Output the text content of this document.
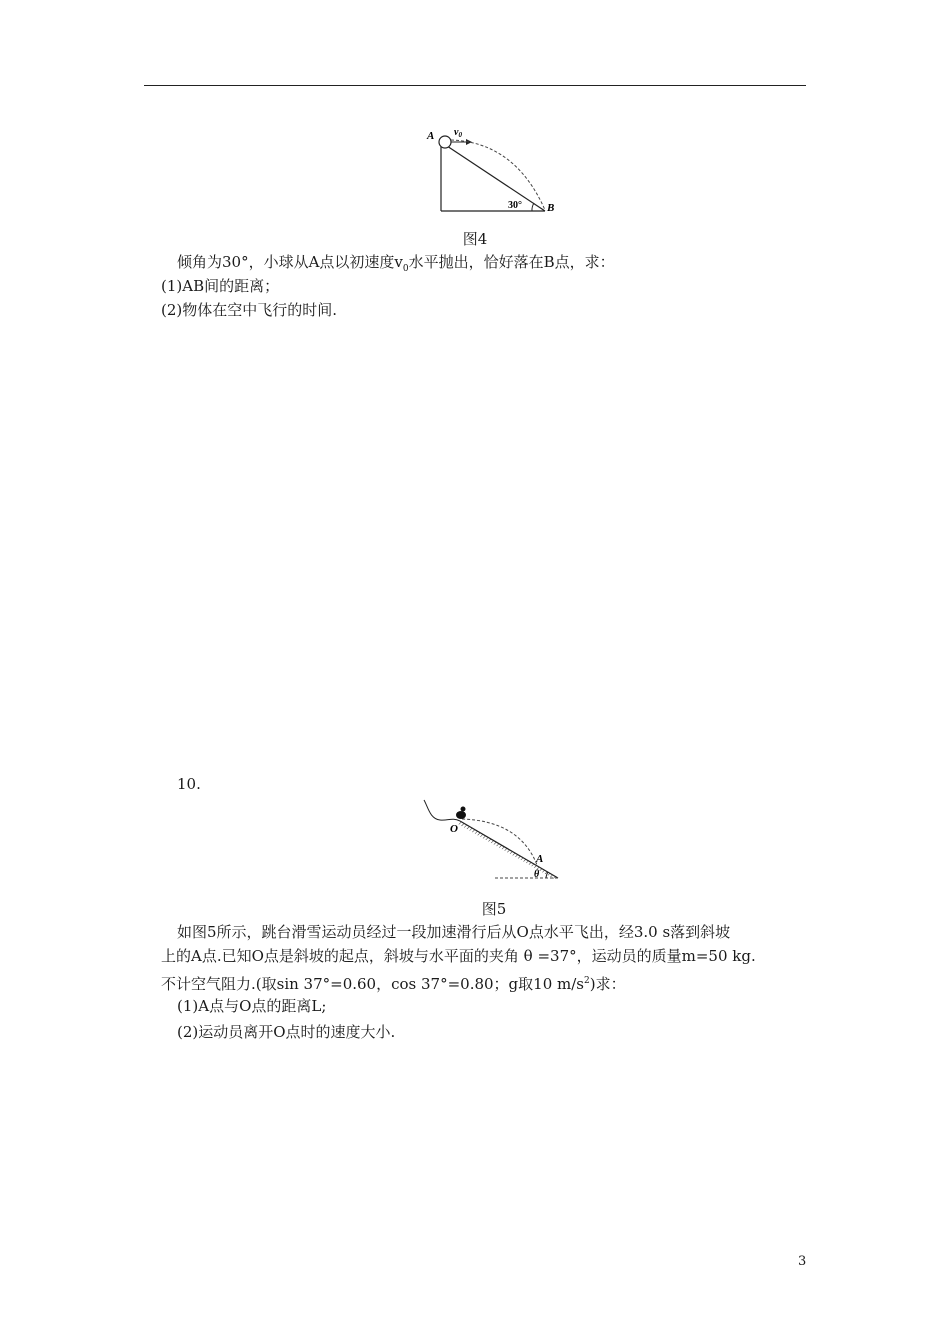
A $v_0$
30° B
图4
倾角为30°，小球从A点以初速度$v_0$水平抛出，恰好落在B点，求：
(1)AB间的距离；
(2)物体在空中飞行的时间.
10.
O
A
θ
图5
如图5所示，跳台滑雪运动员经过一段加速滑行后从O点水平飞出，经3.0 s落到斜坡
上的A点.已知O点是斜坡的起点，斜坡与水平面的夹角 θ =37°，运动员的质量m=50 kg.
不计空气阻力.(取sin 37°=0.60，cos 37°=0.80；g取10 $m/s^2$)求：
(1)A点与O点的距离L;
(2)运动员离开O点时的速度大小.
3
